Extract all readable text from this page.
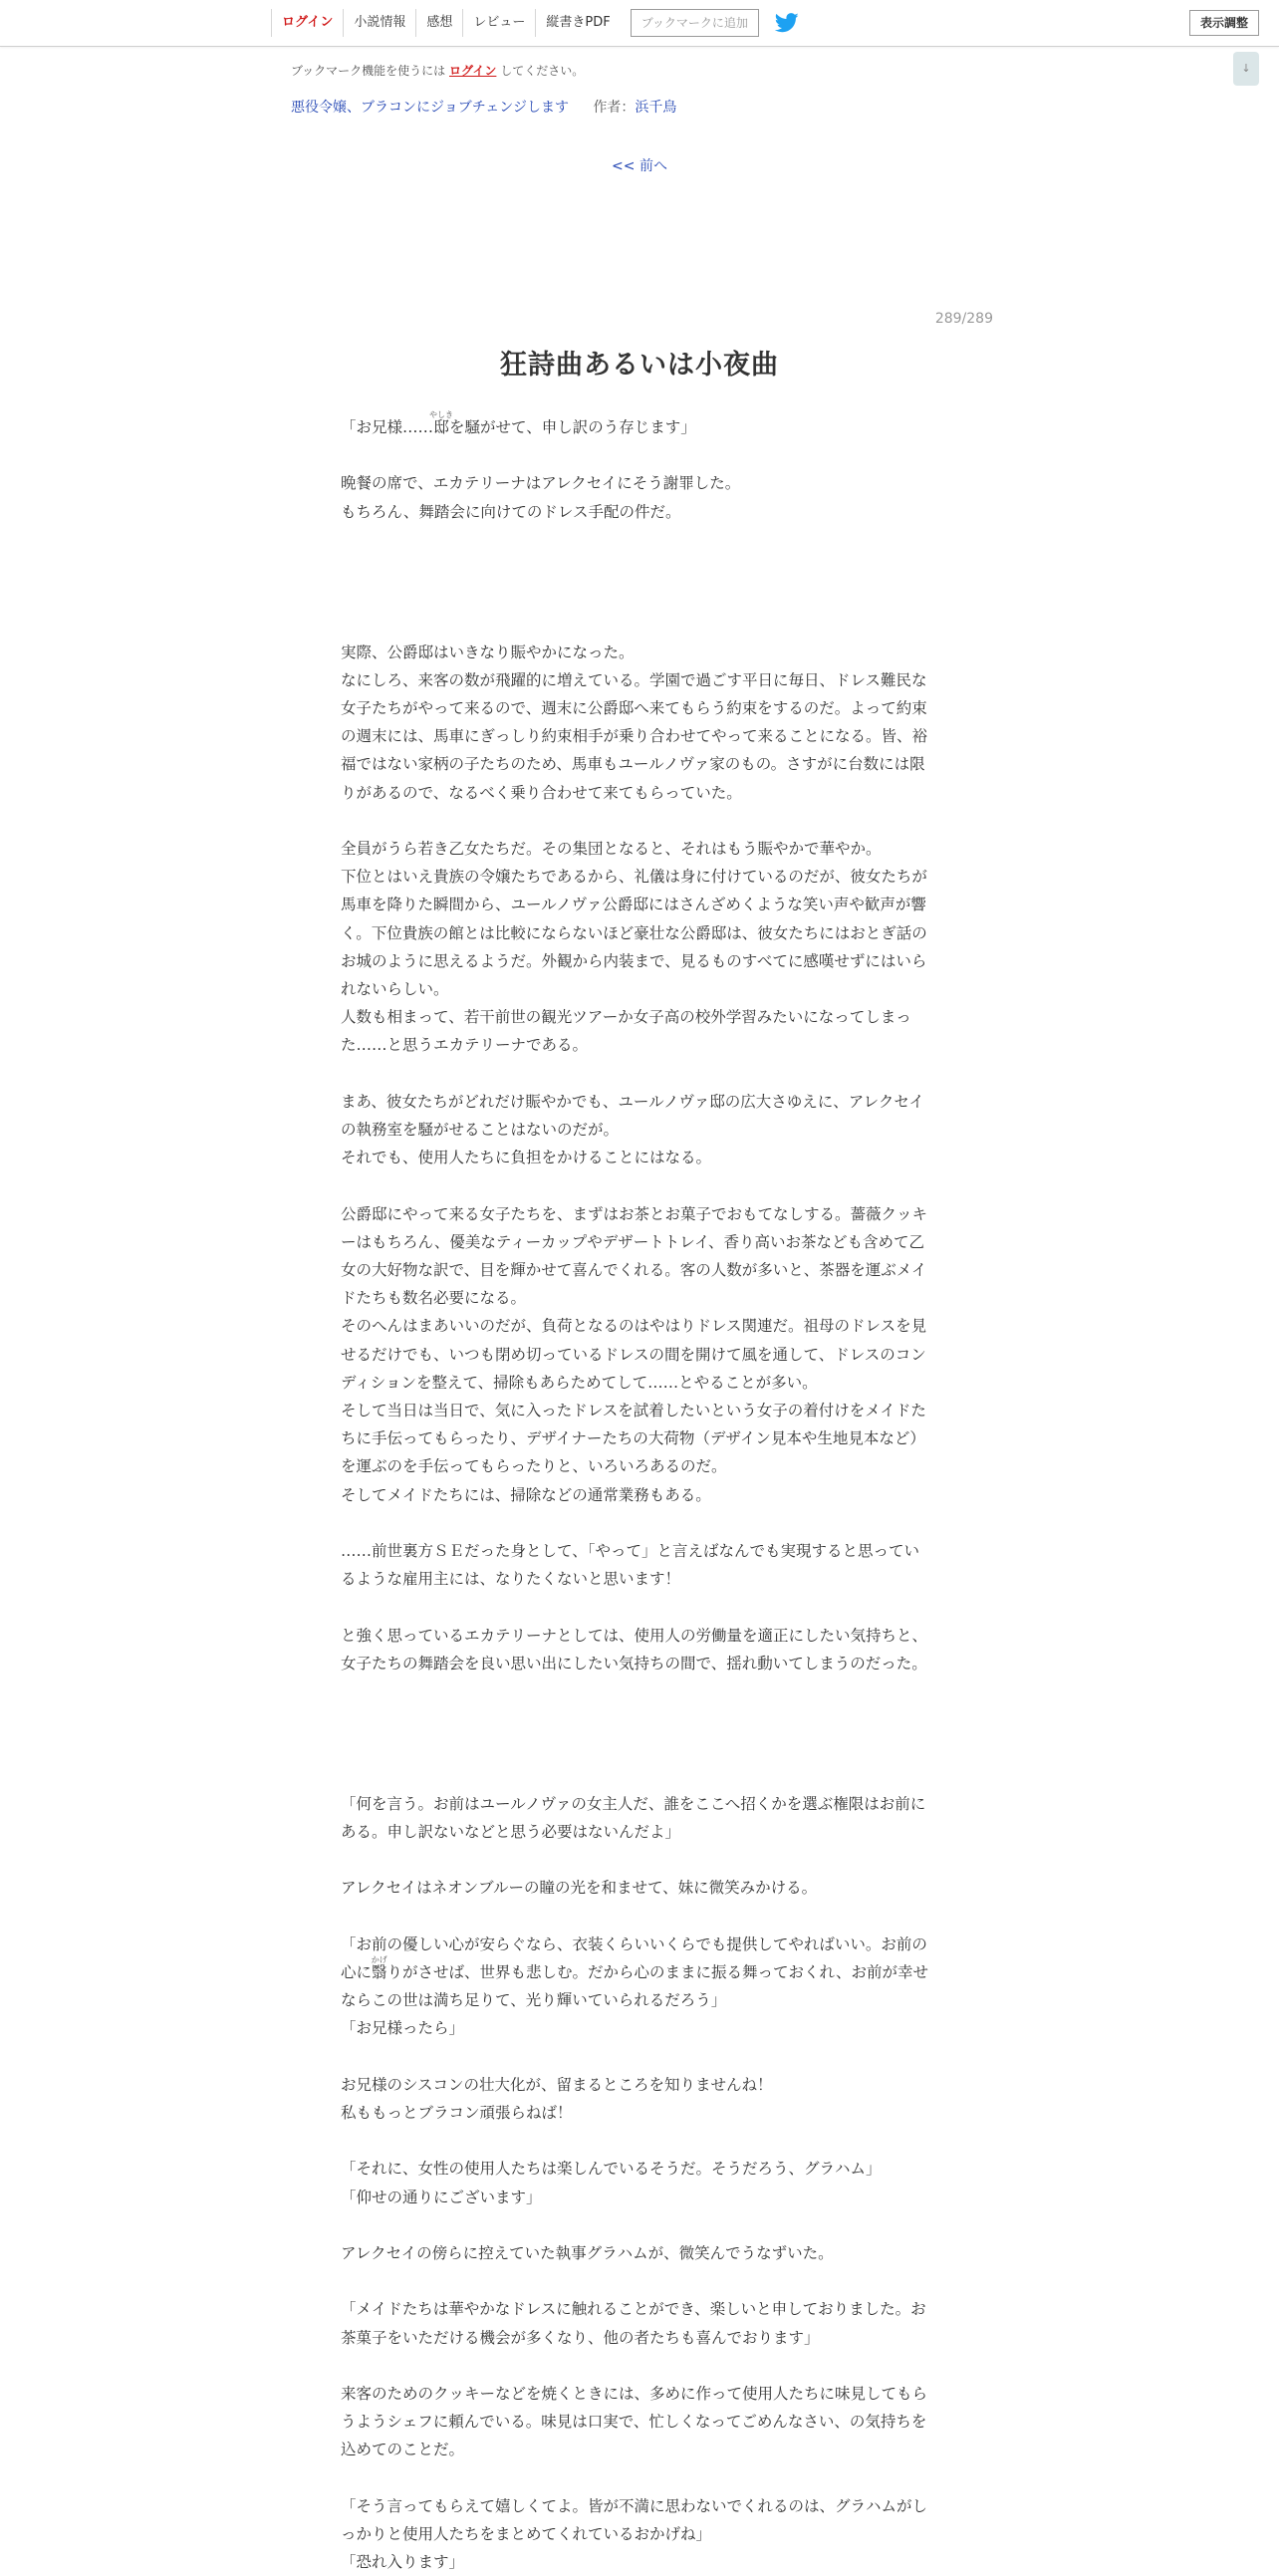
ログイン	小説情報	感想	レビュー	縦書きPDF	ブックマークに追加	表示調整
↓
ブックマーク機能を使うには ログイン してください。
悪役令嬢、ブラコンにジョブチェンジします 作者：浜千鳥
<< 前へ
289/289
狂詩曲あるいは小夜曲

「お兄様……邸やしきを騒がせて、申し訳のう存じます」

晩餐の席で、エカテリーナはアレクセイにそう謝罪した。

もちろん、舞踏会に向けてのドレス手配の件だ。

実際、公爵邸はいきなり賑やかになった。

なにしろ、来客の数が飛躍的に増えている。学園で過ごす平日に毎日、ドレス難民な女子たちがやって来るので、週末に公爵邸へ来てもらう約束をするのだ。よって約束の週末には、馬車にぎっしり約束相手が乗り合わせてやって来ることになる。皆、裕福ではない家柄の子たちのため、馬車もユールノヴァ家のもの。さすがに台数には限りがあるので、なるべく乗り合わせて来てもらっていた。

全員がうら若き乙女たちだ。その集団となると、それはもう賑やかで華やか。

下位とはいえ貴族の令嬢たちであるから、礼儀は身に付けているのだが、彼女たちが馬車を降りた瞬間から、ユールノヴァ公爵邸にはさんざめくような笑い声や歓声が響く。下位貴族の館とは比較にならないほど豪壮な公爵邸は、彼女たちにはおとぎ話のお城のように思えるようだ。外観から内装まで、見るものすべてに感嘆せずにはいられないらしい。

人数も相まって、若干前世の観光ツアーか女子高の校外学習みたいになってしまった……と思うエカテリーナである。

まあ、彼女たちがどれだけ賑やかでも、ユールノヴァ邸の広大さゆえに、アレクセイの執務室を騒がせることはないのだが。

それでも、使用人たちに負担をかけることにはなる。

公爵邸にやって来る女子たちを、まずはお茶とお菓子でおもてなしする。薔薇クッキーはもちろん、優美なティーカップやデザートトレイ、香り高いお茶なども含めて乙女の大好物な訳で、目を輝かせて喜んでくれる。客の人数が多いと、茶器を運ぶメイドたちも数名必要になる。

そのへんはまあいいのだが、負荷となるのはやはりドレス関連だ。祖母のドレスを見せるだけでも、いつも閉め切っているドレスの間を開けて風を通して、ドレスのコンディションを整えて、掃除もあらためてして……とやることが多い。

そして当日は当日で、気に入ったドレスを試着したいという女子の着付けをメイドたちに手伝ってもらったり、デザイナーたちの大荷物（デザイン見本や生地見本など）を運ぶのを手伝ってもらったりと、いろいろあるのだ。

そしてメイドたちには、掃除などの通常業務もある。

……前世裏方ＳＥだった身として、「やって」と言えばなんでも実現すると思っているような雇用主には、なりたくないと思います！

と強く思っているエカテリーナとしては、使用人の労働量を適正にしたい気持ちと、女子たちの舞踏会を良い思い出にしたい気持ちの間で、揺れ動いてしまうのだった。

「何を言う。お前はユールノヴァの女主人だ、誰をここへ招くかを選ぶ権限はお前にある。申し訳ないなどと思う必要はないんだよ」

アレクセイはネオンブルーの瞳の光を和ませて、妹に微笑みかける。

「お前の優しい心が安らぐなら、衣装くらいいくらでも提供してやればいい。お前の心に翳かげりがさせば、世界も悲しむ。だから心のままに振る舞っておくれ、お前が幸せならこの世は満ち足りて、光り輝いていられるだろう」

「お兄様ったら」

お兄様のシスコンの壮大化が、留まるところを知りませんね！

私ももっとブラコン頑張らねば！

「それに、女性の使用人たちは楽しんでいるそうだ。そうだろう、グラハム」

「仰せの通りにございます」

アレクセイの傍らに控えていた執事グラハムが、微笑んでうなずいた。

「メイドたちは華やかなドレスに触れることができ、楽しいと申しておりました。お茶菓子をいただける機会が多くなり、他の者たちも喜んでおります」

来客のためのクッキーなどを焼くときには、多めに作って使用人たちに味見してもらうようシェフに頼んでいる。味見は口実で、忙しくなってごめんなさい、の気持ちを込めてのことだ。

「そう言ってもらえて嬉しくてよ。皆が不満に思わないでくれるのは、グラハムがしっかりと使用人たちをまとめてくれているおかげね」

「恐れ入ります」
